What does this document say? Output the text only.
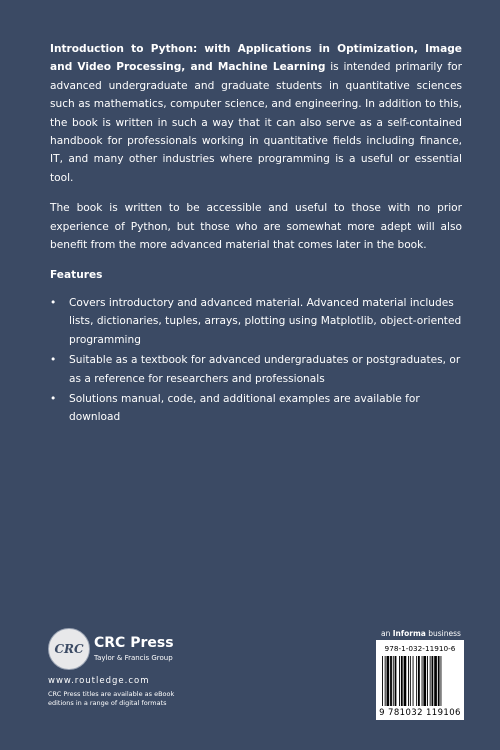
Introduction to Python: with Applications in Optimization, Image and Video Processing, and Machine Learning is intended primarily for advanced undergraduate and graduate students in quantitative sciences such as mathematics, computer science, and engineering. In addition to this, the book is written in such a way that it can also serve as a self-contained handbook for professionals working in quantitative fields including finance, IT, and many other industries where programming is a useful or essential tool.

The book is written to be accessible and useful to those with no prior experience of Python, but those who are somewhat more adept will also benefit from the more advanced material that comes later in the book.

Features
• Covers introductory and advanced material. Advanced material includes lists, dictionaries, tuples, arrays, plotting using Matplotlib, object-oriented programming
• Suitable as a textbook for advanced undergraduates or postgraduates, or as a reference for researchers and professionals
• Solutions manual, code, and additional examples are available for download
CRC CRC Press
Taylor & Francis Group
www.routledge.com
CRC Press titles are available as eBook editions in a range of digital formats
an Informa business
978-1-032-11910-6
9 781032 119106
